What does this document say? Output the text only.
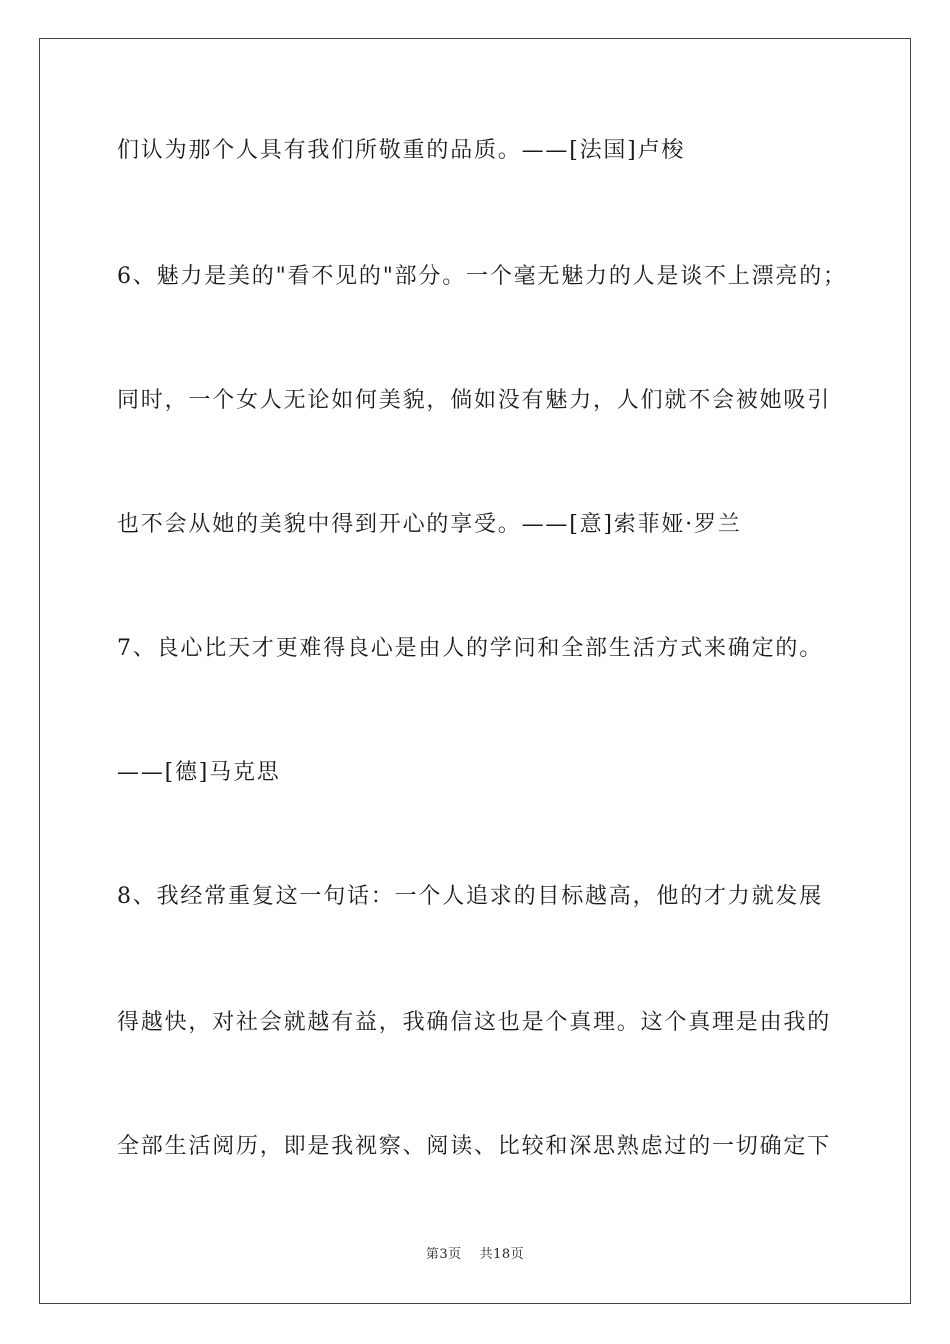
们认为那个人具有我们所敬重的品质。——[法国]卢梭

6、魅力是美的"看不见的"部分。一个毫无魅力的人是谈不上漂亮的；

同时，一个女人无论如何美貌，倘如没有魅力，人们就不会被她吸引

也不会从她的美貌中得到开心的享受。——[意]索菲娅·罗兰

7、良心比天才更难得良心是由人的学问和全部生活方式来确定的。

——[德]马克思

8、我经常重复这一句话：一个人追求的目标越高，他的才力就发展

得越快，对社会就越有益，我确信这也是个真理。这个真理是由我的

全部生活阅历，即是我视察、阅读、比较和深思熟虑过的一切确定下

第3页 共18页
